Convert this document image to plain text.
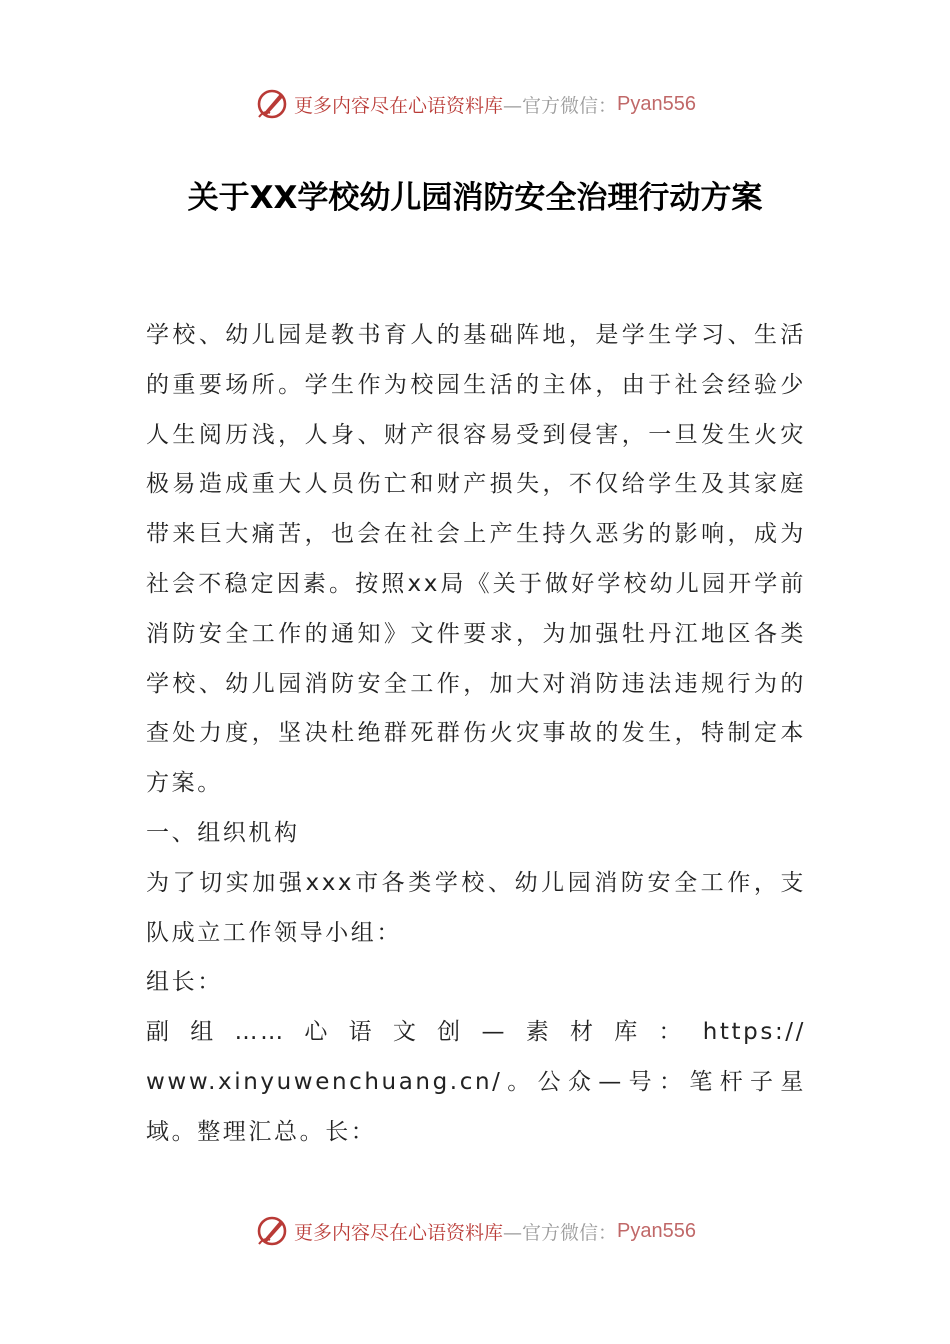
更多内容尽在心语资料库 —官方微信： Pyan556
关于XX学校幼儿园消防安全治理行动方案

学校、幼儿园是教书育人的基础阵地，是学生学习、生活的重要场所。学生作为校园生活的主体，由于社会经验少人生阅历浅，人身、财产很容易受到侵害，一旦发生火灾极易造成重大人员伤亡和财产损失，不仅给学生及其家庭带来巨大痛苦，也会在社会上产生持久恶劣的影响，成为社会不稳定因素。按照xx局《关于做好学校幼儿园开学前消防安全工作的通知》文件要求，为加强牡丹江地区各类学校、幼儿园消防安全工作，加大对消防违法违规行为的查处力度，坚决杜绝群死群伤火灾事故的发生，特制定本方案。

一、组织机构

为了切实加强xxx市各类学校、幼儿园消防安全工作，支队成立工作领导小组：

组长：

副组……心语文创—素材库：https://

www.xinyuwenchuang.cn/。公众—号：笔杆子星域。整理汇总。长：

更多内容尽在心语资料库 —官方微信： Pyan556
